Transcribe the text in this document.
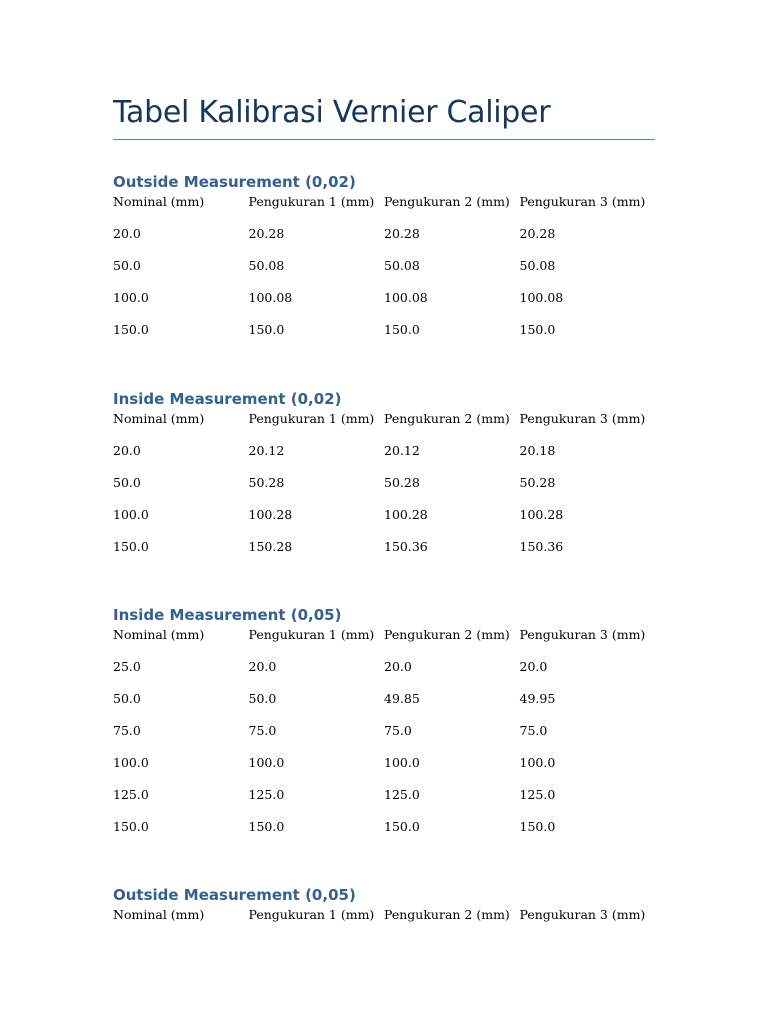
Tabel Kalibrasi Vernier Caliper
Outside Measurement (0,02)
Nominal (mm)	Pengukuran 1 (mm)	Pengukuran 2 (mm)	Pengukuran 3 (mm)
20.0	20.28	20.28	20.28
50.0	50.08	50.08	50.08
100.0	100.08	100.08	100.08
150.0	150.0	150.0	150.0
Inside Measurement (0,02)
Nominal (mm)	Pengukuran 1 (mm)	Pengukuran 2 (mm)	Pengukuran 3 (mm)
20.0	20.12	20.12	20.18
50.0	50.28	50.28	50.28
100.0	100.28	100.28	100.28
150.0	150.28	150.36	150.36
Inside Measurement (0,05)
Nominal (mm)	Pengukuran 1 (mm)	Pengukuran 2 (mm)	Pengukuran 3 (mm)
25.0	20.0	20.0	20.0
50.0	50.0	49.85	49.95
75.0	75.0	75.0	75.0
100.0	100.0	100.0	100.0
125.0	125.0	125.0	125.0
150.0	150.0	150.0	150.0
Outside Measurement (0,05)
Nominal (mm)	Pengukuran 1 (mm)	Pengukuran 2 (mm)	Pengukuran 3 (mm)
